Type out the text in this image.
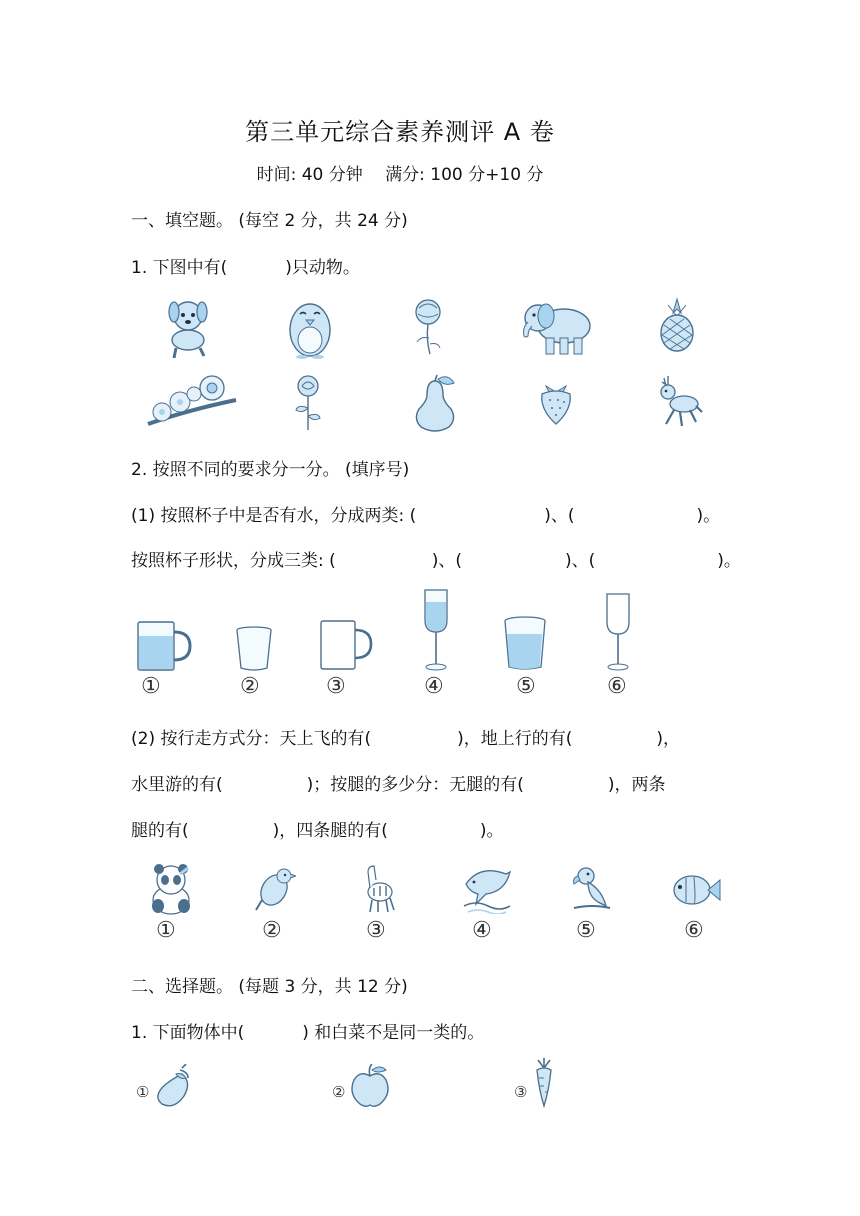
第三单元综合素养测评 A 卷
时间: 40 分钟　 满分: 100 分+10 分
一、填空题。 (每空 2 分，共 24 分)
1. 下图中有(	)只动物。
2. 按照不同的要求分一分。 (填序号)
(1) 按照杯子中是否有水，分成两类: (	)、(	)。
按照杯子形状，分成三类: (	)、(	)、(	)。
①	②	③	④	⑤	⑥
(2) 按行走方式分：天上飞的有(	)，地上行的有(	)，
水里游的有(	)；按腿的多少分：无腿的有(	)，两条
腿的有(	)，四条腿的有(	)。
①	②	③	④	⑤	⑥
二、选择题。 (每题 3 分，共 12 分)
1. 下面物体中(	) 和白菜不是同一类的。
①	②	③
